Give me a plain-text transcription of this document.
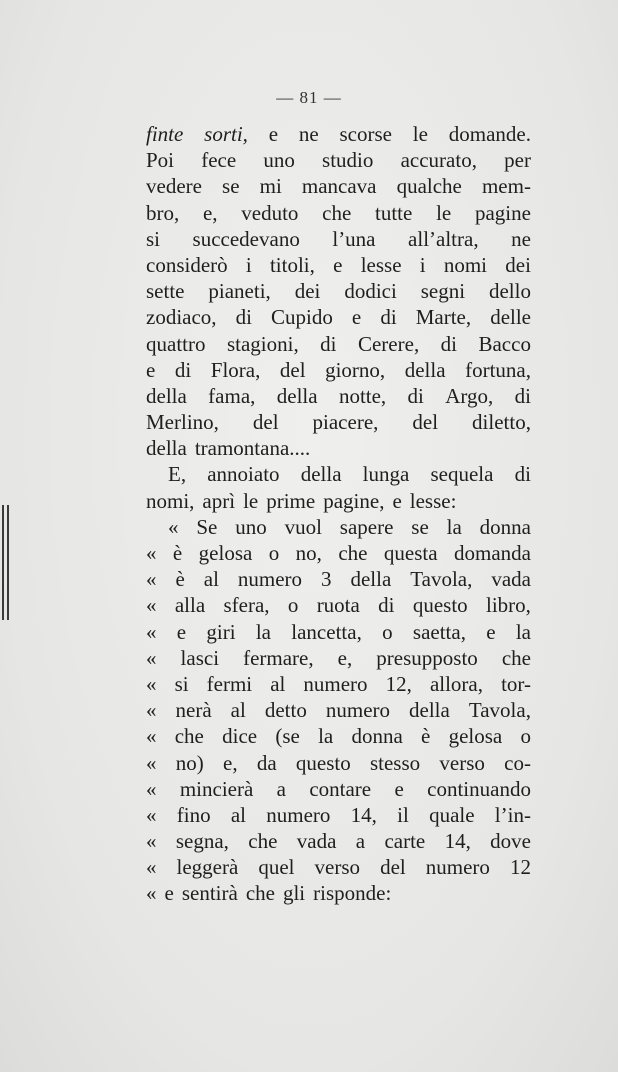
— 81 —
finte sorti, e ne scorse le domande.
Poi fece uno studio accurato, per
vedere se mi mancava qualche mem-
bro, e, veduto che tutte le pagine
si succedevano l’una all’altra, ne
considerò i titoli, e lesse i nomi dei
sette pianeti, dei dodici segni dello
zodiaco, di Cupido e di Marte, delle
quattro stagioni, di Cerere, di Bacco
e di Flora, del giorno, della fortuna,
della fama, della notte, di Argo, di
Merlino, del piacere, del diletto,
della tramontana....
E, annoiato della lunga sequela di
nomi, aprì le prime pagine, e lesse:
« Se uno vuol sapere se la donna
« è gelosa o no, che questa domanda
« è al numero 3 della Tavola, vada
« alla sfera, o ruota di questo libro,
« e giri la lancetta, o saetta, e la
« lasci fermare, e, presupposto che
« si fermi al numero 12, allora, tor-
« nerà al detto numero della Tavola,
« che dice (se la donna è gelosa o
« no) e, da questo stesso verso co-
« mincierà a contare e continuando
« fino al numero 14, il quale l’in-
« segna, che vada a carte 14, dove
« leggerà quel verso del numero 12
« e sentirà che gli risponde:
